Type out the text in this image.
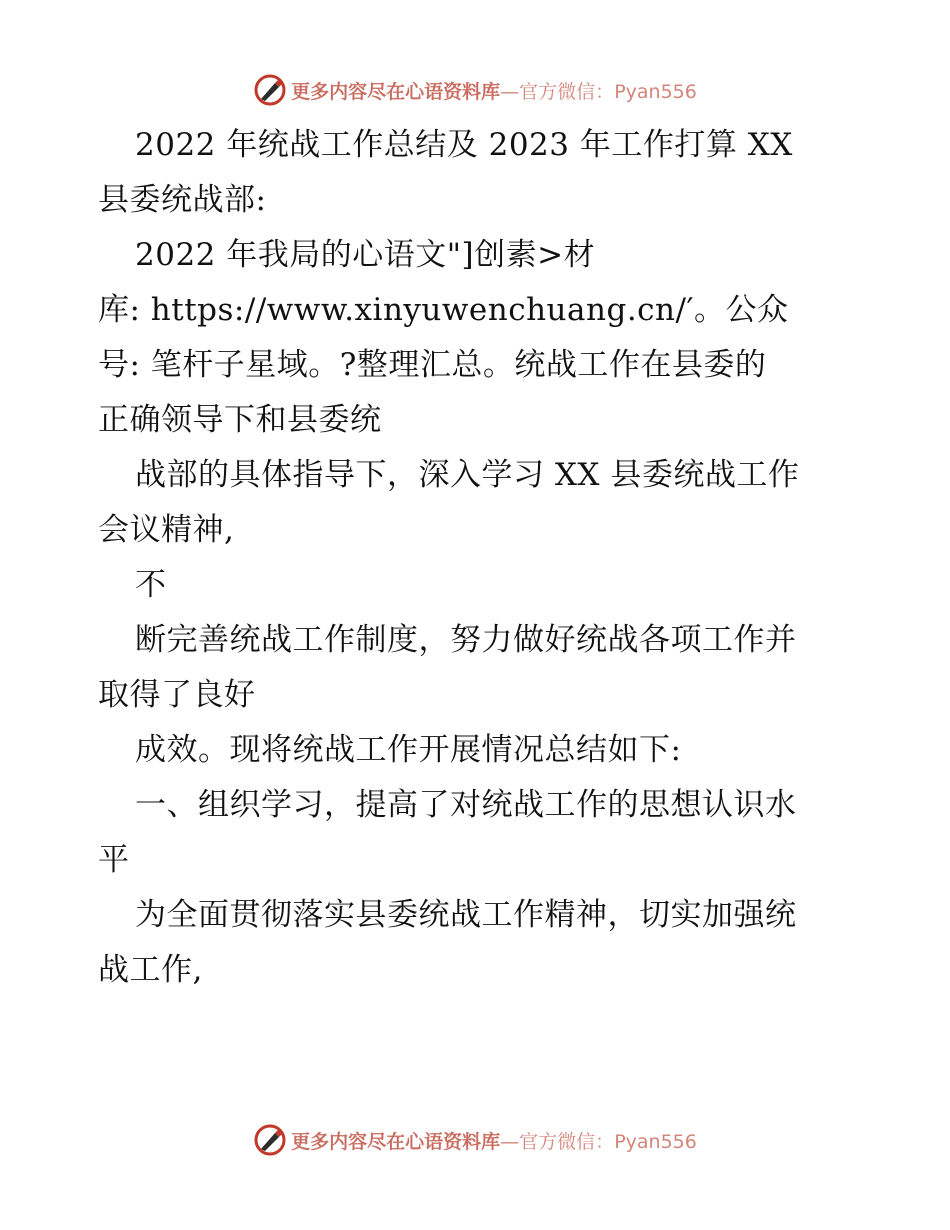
更多内容尽在心语资料库—官方微信：Pyan556
2022 年统战工作总结及 2023 年工作打算 XX
县委统战部:
2022 年我局的心语文"]创素>材
库: https://www.xinyuwenchuang.cn/′。公众
号: 笔杆子星域。?整理汇总。统战工作在县委的
正确领导下和县委统
战部的具体指导下，深入学习 XX 县委统战工作
会议精神,
不
断完善统战工作制度，努力做好统战各项工作并
取得了良好
成效。现将统战工作开展情况总结如下:
一、组织学习，提高了对统战工作的思想认识水
平
为全面贯彻落实县委统战工作精神，切实加强统
战工作,
更多内容尽在心语资料库—官方微信：Pyan556
